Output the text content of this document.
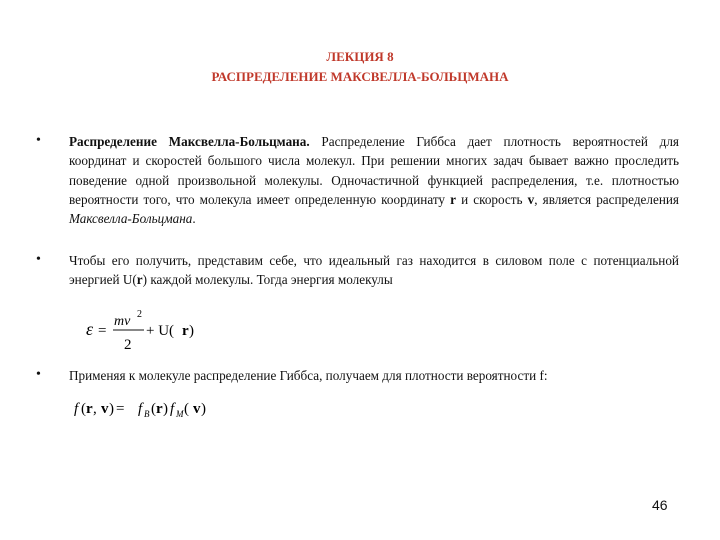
ЛЕКЦИЯ 8
РАСПРЕДЕЛЕНИЕ МАКСВЕЛЛА-БОЛЬЦМАНА
• Распределение Максвелла-Больцмана. Распределение Гиббса дает плотность вероятностей для координат и скоростей большого числа молекул. При решении многих задач бывает важно проследить поведение одной произвольной молекулы. Одночастичной функцией распределения, т.е. плотностью вероятности того, что молекула имеет определенную координату r и скорость v, является распределения Максвелла-Больцмана.
• Чтобы его получить, представим себе, что идеальный газ находится в силовом поле с потенциальной энергией U(r) каждой молекулы. Тогда энергия молекулы
ε =
mv 2
2
+ U( r )
• Применяя к молекуле распределение Гиббса, получаем для плотности вероятности f:
f ( r , v ) = f B ( r ) f M ( v )
46
